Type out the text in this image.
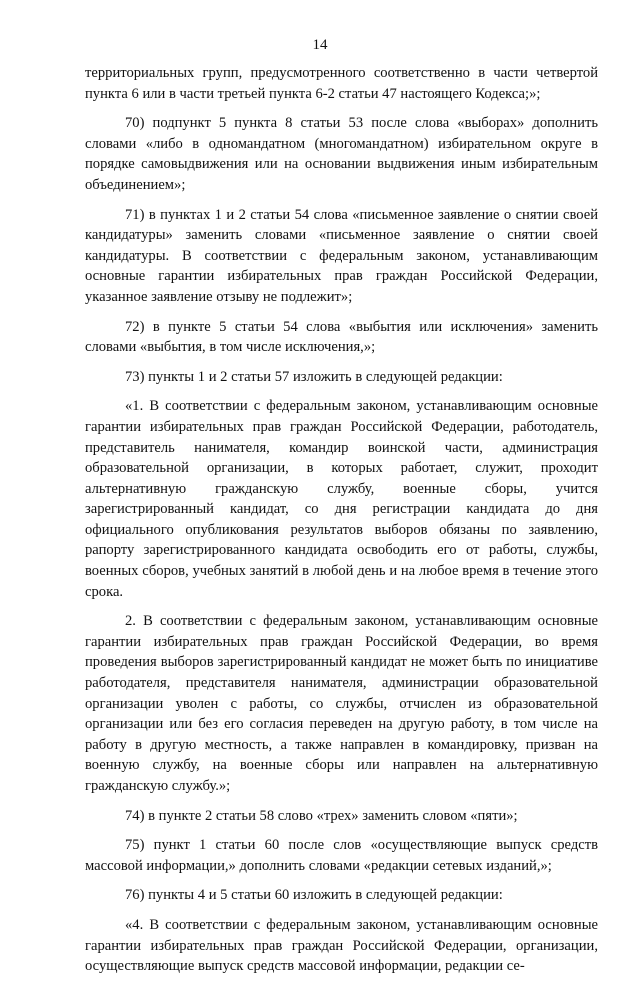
14

территориальных групп, предусмотренного соответственно в части четвертой пункта 6 или в части третьей пункта 6-2 статьи 47 настоящего Кодекса;»;

70) подпункт 5 пункта 8 статьи 53 после слова «выборах» дополнить словами «либо в одномандатном (многомандатном) избирательном округе в порядке самовыдвижения или на основании выдвижения иным избирательным объединением»;

71) в пунктах 1 и 2 статьи 54 слова «письменное заявление о снятии своей кандидатуры» заменить словами «письменное заявление о снятии своей кандидатуры. В соответствии с федеральным законом, устанавливающим основные гарантии избирательных прав граждан Российской Федерации, указанное заявление отзыву не подлежит»;

72) в пункте 5 статьи 54 слова «выбытия или исключения» заменить словами «выбытия, в том числе исключения,»;

73) пункты 1 и 2 статьи 57 изложить в следующей редакции:

«1. В соответствии с федеральным законом, устанавливающим основные гарантии избирательных прав граждан Российской Федерации, работодатель, представитель нанимателя, командир воинской части, администрация образовательной организации, в которых работает, служит, проходит альтернативную гражданскую службу, военные сборы, учится зарегистрированный кандидат, со дня регистрации кандидата до дня официального опубликования результатов выборов обязаны по заявлению, рапорту зарегистрированного кандидата освободить его от работы, службы, военных сборов, учебных занятий в любой день и на любое время в течение этого срока.

2. В соответствии с федеральным законом, устанавливающим основные гарантии избирательных прав граждан Российской Федерации, во время проведения выборов зарегистрированный кандидат не может быть по инициативе работодателя, представителя нанимателя, администрации образовательной организации уволен с работы, со службы, отчислен из образовательной организации или без его согласия переведен на другую работу, в том числе на работу в другую местность, а также направлен в командировку, призван на военную службу, на военные сборы или направлен на альтернативную гражданскую службу.»;

74) в пункте 2 статьи 58 слово «трех» заменить словом «пяти»;

75) пункт 1 статьи 60 после слов «осуществляющие выпуск средств массовой информации,» дополнить словами «редакции сетевых изданий,»;

76) пункты 4 и 5 статьи 60 изложить в следующей редакции:

«4. В соответствии с федеральным законом, устанавливающим основные гарантии избирательных прав граждан Российской Федерации, организации, осуществляющие выпуск средств массовой информации, редакции се-
